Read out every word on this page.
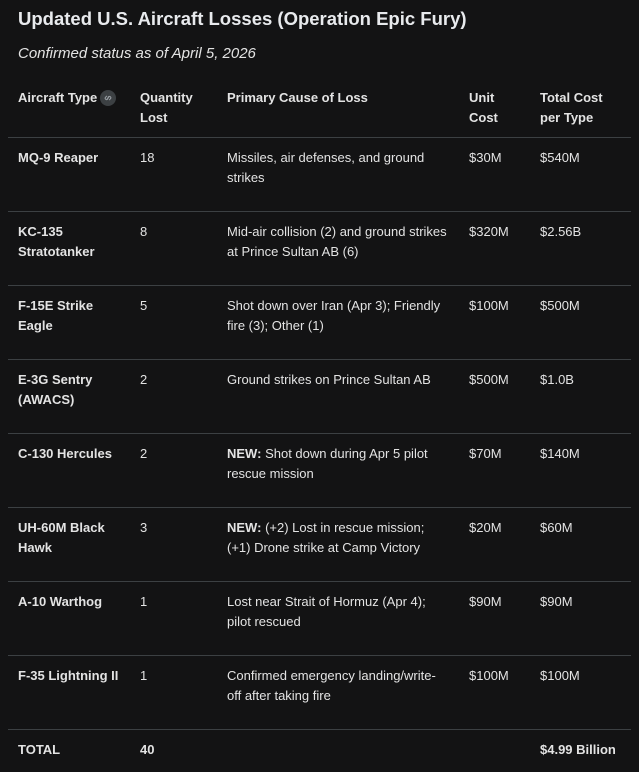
Updated U.S. Aircraft Losses (Operation Epic Fury)
Confirmed status as of April 5, 2026
Aircraft Type	Quantity Lost	Primary Cause of Loss	Unit Cost	Total Cost per Type
MQ-9 Reaper	18	Missiles, air defenses, and ground strikes	$30M	$540M
KC-135 Stratotanker	8	Mid-air collision (2) and ground strikes at Prince Sultan AB (6)	$320M	$2.56B
F-15E Strike Eagle	5	Shot down over Iran (Apr 3); Friendly fire (3); Other (1)	$100M	$500M
E-3G Sentry (AWACS)	2	Ground strikes on Prince Sultan AB	$500M	$1.0B
C-130 Hercules	2	NEW: Shot down during Apr 5 pilot rescue mission	$70M	$140M
UH-60M Black Hawk	3	NEW: (+2) Lost in rescue mission; (+1) Drone strike at Camp Victory	$20M	$60M
A-10 Warthog	1	Lost near Strait of Hormuz (Apr 4); pilot rescued	$90M	$90M
F-35 Lightning II	1	Confirmed emergency landing/write-off after taking fire	$100M	$100M
TOTAL	40			$4.99 Billion
